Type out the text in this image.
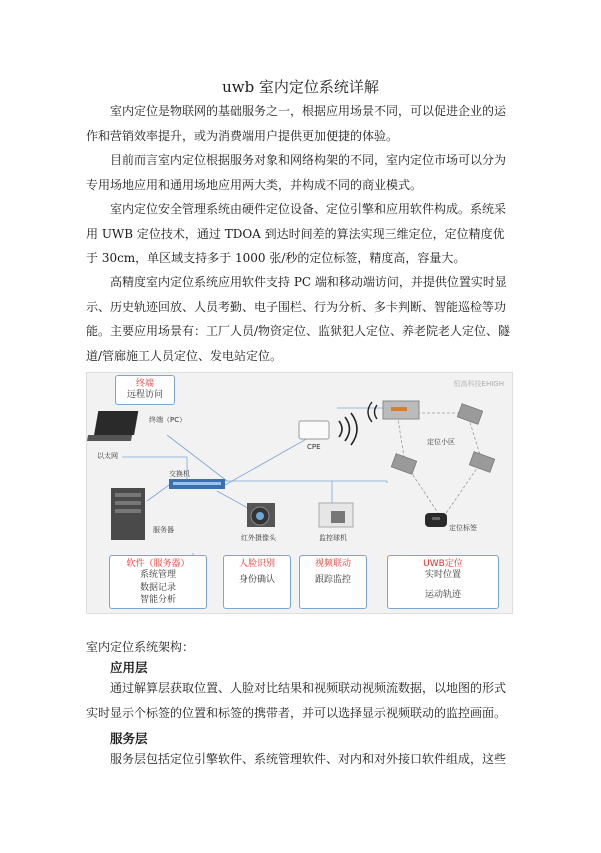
uwb 室内定位系统详解

室内定位是物联网的基础服务之一，根据应用场景不同，可以促进企业的运作和营销效率提升，或为消费端用户提供更加便捷的体验。

目前而言室内定位根据服务对象和网络构架的不同，室内定位市场可以分为专用场地应用和通用场地应用两大类，并构成不同的商业模式。

室内定位安全管理系统由硬件定位设备、定位引擎和应用软件构成。系统采用 UWB 定位技术，通过 TDOA 到达时间差的算法实现三维定位，定位精度优于 30cm，单区域支持多于 1000 张/秒的定位标签，精度高，容量大。

高精度室内定位系统应用软件支持 PC 端和移动端访问，并提供位置实时显示、历史轨迹回放、人员考勤、电子围栏、行为分析、多卡判断、智能巡检等功能。主要应用场景有：工厂人员/物资定位、监狱犯人定位、养老院老人定位、隧道/管廊施工人员定位、发电站定位。

恒高科技EHIGH
终端
远程访问
终端（PC）
以太网
交换机
服务器
CPE
红外摄像头	监控球机
定位小区
定位标签
软件（服务器）
系统管理
数据记录
智能分析
人脸识别
身份确认
视频联动
跟踪监控
UWB定位
实时位置
运动轨迹
室内定位系统架构：
应用层

通过解算层获取位置、人脸对比结果和视频联动视频流数据，以地图的形式实时显示个标签的位置和标签的携带者，并可以选择显示视频联动的监控画面。

服务层

服务层包括定位引擎软件、系统管理软件、对内和对外接口软件组成，这些
